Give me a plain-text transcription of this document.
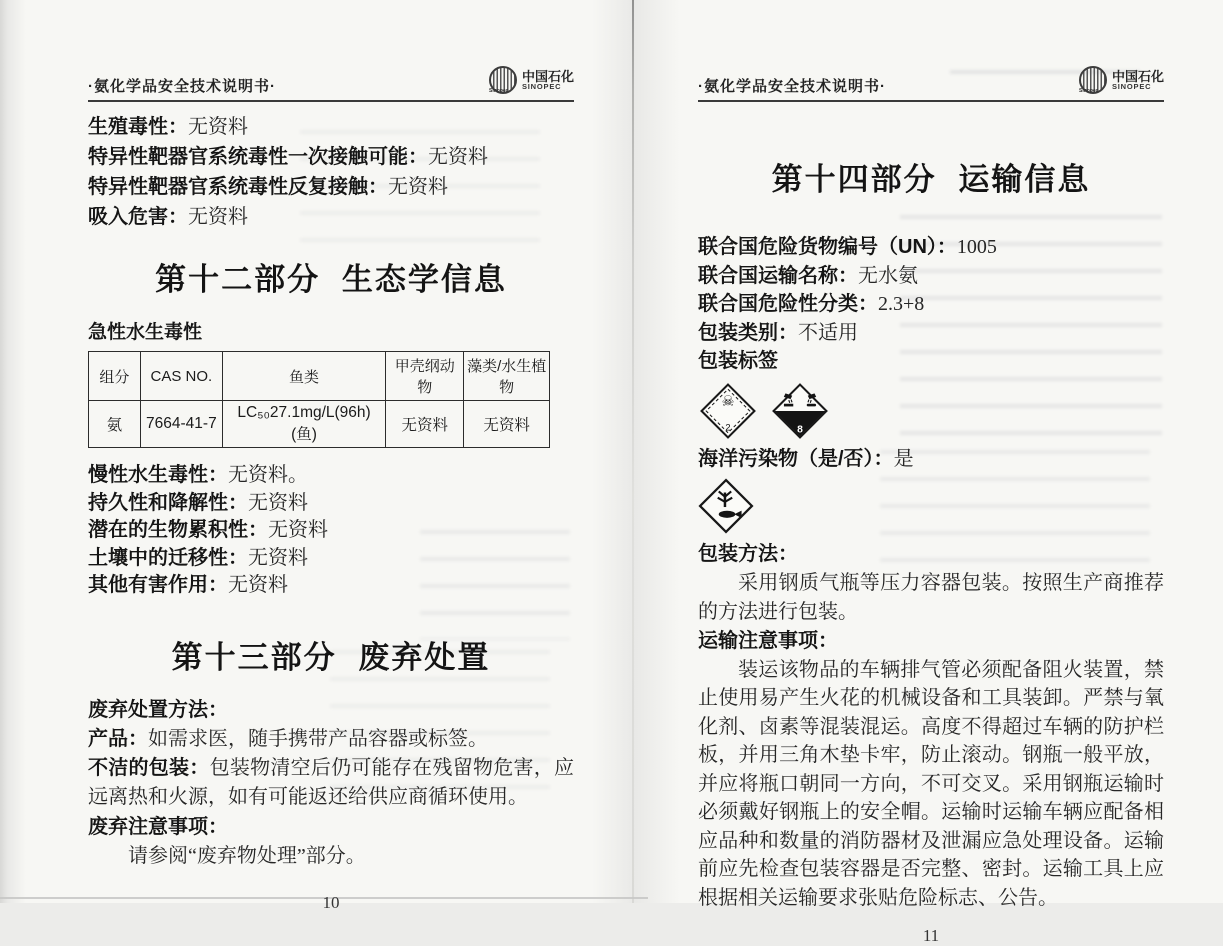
·氨化学品安全技术说明书·	Sinopec
中国石化
SINOPEC
生殖毒性：无资料
特异性靶器官系统毒性一次接触可能：无资料
特异性靶器官系统毒性反复接触：无资料
吸入危害：无资料
第十二部分 生态学信息
急性水生毒性
组分	CAS NO.	鱼类	甲壳纲动物	藻类/水生植物
氨	7664-41-7	LC₅₀27.1mg/L(96h)(鱼)	无资料	无资料
慢性水生毒性：无资料。
持久性和降解性：无资料
潜在的生物累积性：无资料
土壤中的迁移性：无资料
其他有害作用：无资料
第十三部分 废弃处置
废弃处置方法：

产品：如需求医，随手携带产品容器或标签。

不洁的包装：包装物清空后仍可能存在残留物危害，应远离热和火源，如有可能返还给供应商循环使用。

废弃注意事项：

请参阅“废弃物处理”部分。

10
·氨化学品安全技术说明书·	Sinopec
中国石化
SINOPEC
第十四部分 运输信息
联合国危险货物编号（UN）：1005
联合国运输名称：无水氨
联合国危险性分类：2.3+8
包装类别：不适用
包装标签
☠
2	8
海洋污染物（是/否）：是
包装方法：

采用钢质气瓶等压力容器包装。按照生产商推荐的方法进行包装。

运输注意事项：

装运该物品的车辆排气管必须配备阻火装置，禁止使用易产生火花的机械设备和工具装卸。严禁与氧化剂、卤素等混装混运。高度不得超过车辆的防护栏板，并用三角木垫卡牢，防止滚动。钢瓶一般平放，并应将瓶口朝同一方向，不可交叉。采用钢瓶运输时必须戴好钢瓶上的安全帽。运输时运输车辆应配备相应品种和数量的消防器材及泄漏应急处理设备。运输前应先检查包装容器是否完整、密封。运输工具上应根据相关运输要求张贴危险标志、公告。

11
